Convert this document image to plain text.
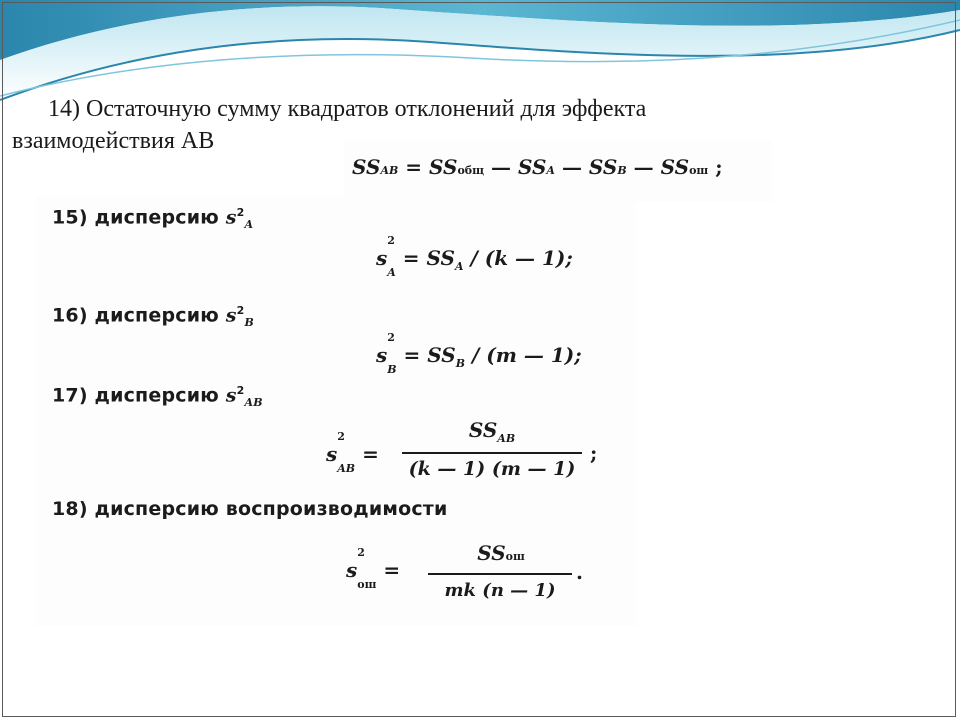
14) Остаточную сумму квадратов отклонений для эффекта
взаимодействия АВ
SSAB = SSобщ — SSA — SSB — SSош ;
15) дисперсию $s^2_A$
s
2
$_A = SS_A / (k$ — 1);
16) дисперсию $s^2_B$
s
2
$_B = SS_B / (m$ — 1);
17) дисперсию $s^2_{AB}$
s
2
$_{AB}$ =
$SS_{AB}$
(k — 1) (m — 1)
;
18) дисперсию воспроизводимости
s
2
$_{ош}$ =
SSош
mk (n — 1)
.
